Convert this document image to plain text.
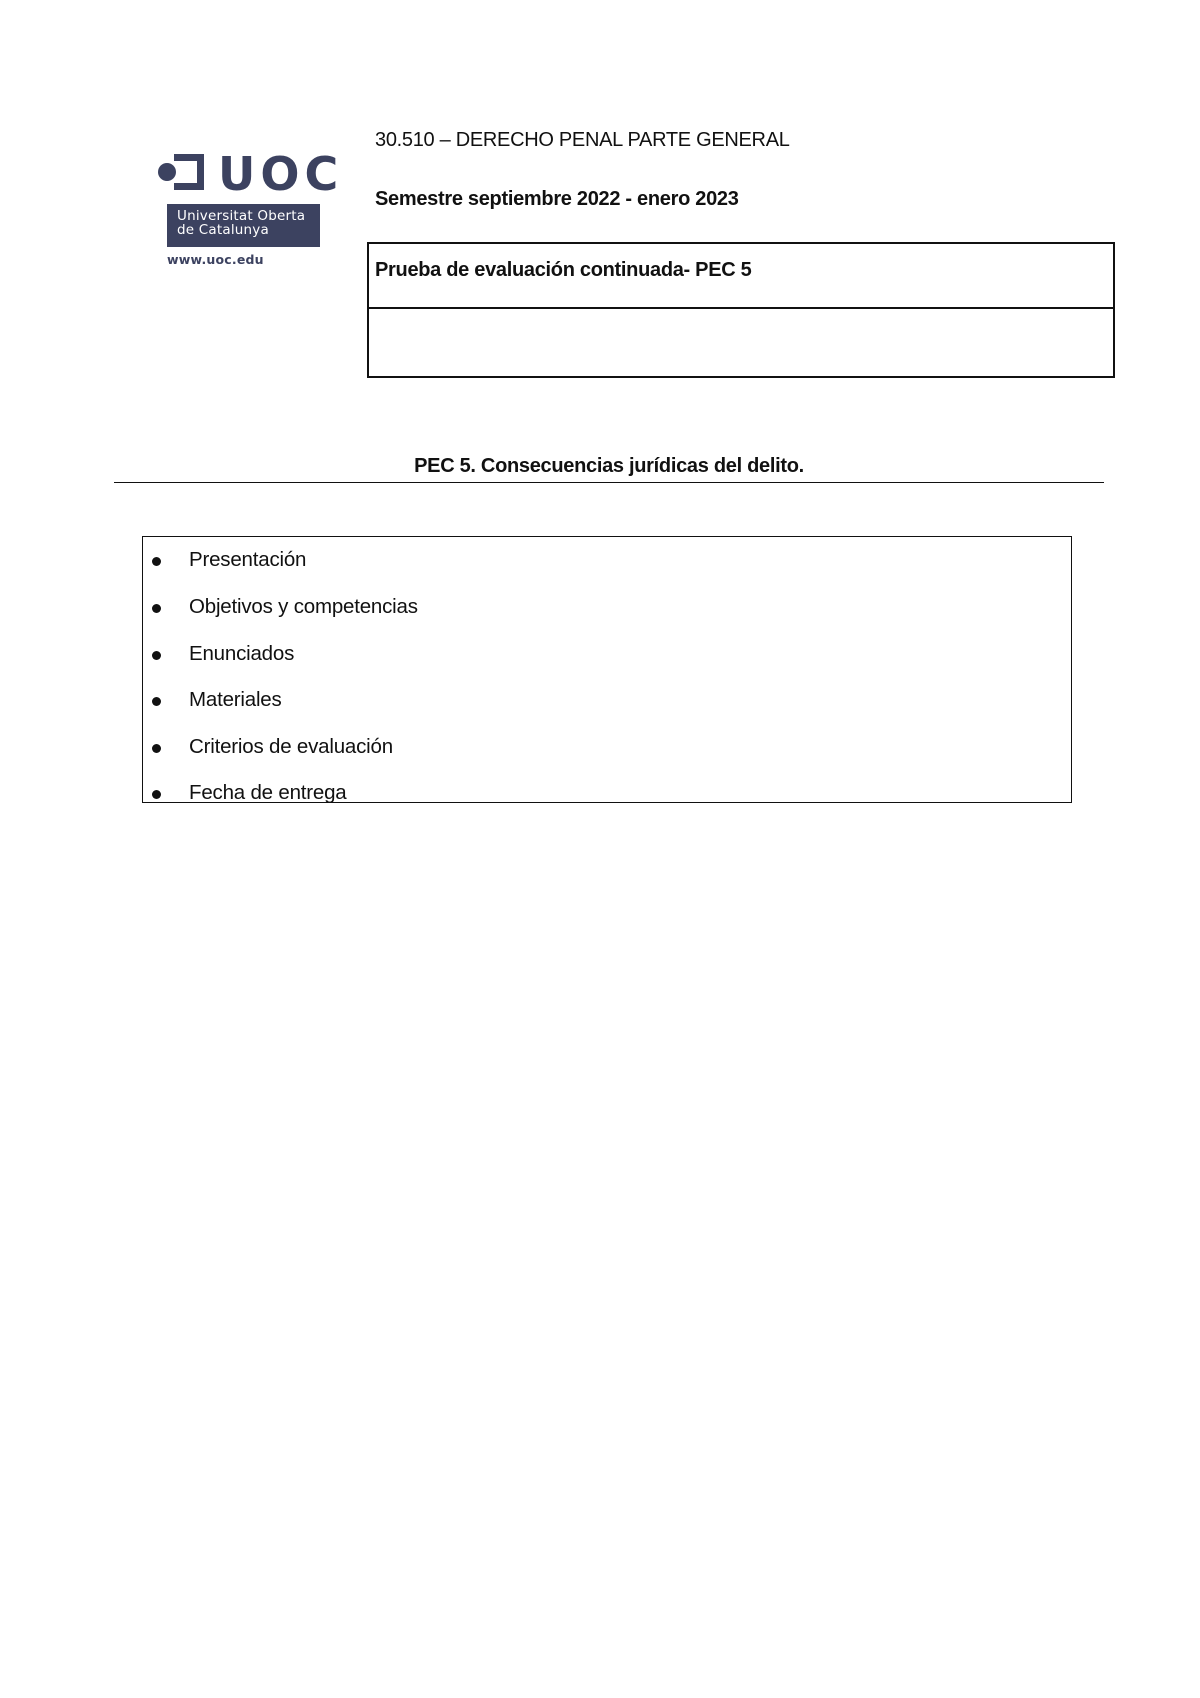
UOC
Universitat Oberta
de Catalunya
www.uoc.edu
30.510 – DERECHO PENAL PARTE GENERAL
Semestre septiembre 2022 - enero 2023
Prueba de evaluación continuada- PEC 5
PEC 5. Consecuencias jurídicas del delito.
Presentación
Objetivos y competencias
Enunciados
Materiales
Criterios de evaluación
Fecha de entrega
